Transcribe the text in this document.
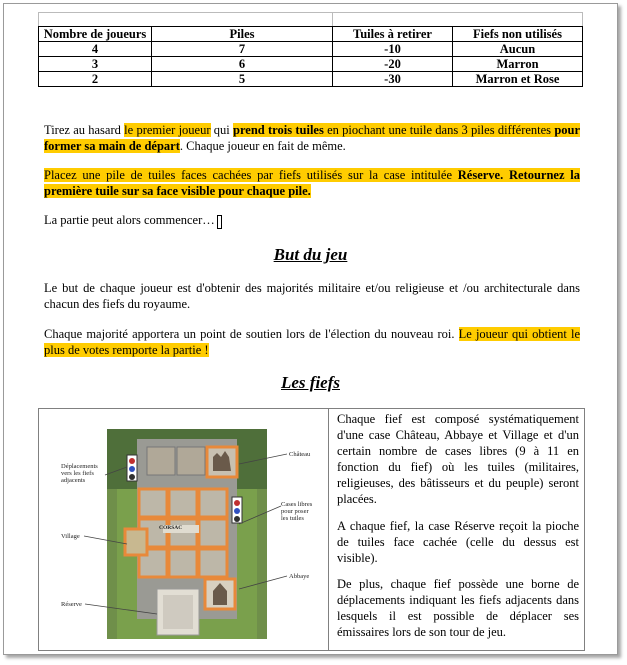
Nombre de joueurs	Piles	Tuiles à retirer	Fiefs non utilisés
4	7	-10	Aucun
3	6	-20	Marron
2	5	-30	Marron et Rose
Tirez au hasard le premier joueur qui prend trois tuiles en piochant une tuile dans 3 piles différentes pour former sa main de départ. Chaque joueur en fait de même.
Placez une pile de tuiles faces cachées par fiefs utilisés sur la case intitulée Réserve. Retournez la première tuile sur sa face visible pour chaque pile.
La partie peut alors commencer…
But du jeu
Le but de chaque joueur est d'obtenir des majorités militaire et/ou religieuse et /ou architecturale dans chacun des fiefs du royaume.
Chaque majorité apportera un point de soutien lors de l'élection du nouveau roi. Le joueur qui obtient le plus de votes remporte la partie !
Les fiefs
CORSAC
Château
Déplacements vers les fiefs adjacents
Cases libres pour poser les tuiles
Village
Abbaye
Réserve
Chaque fief est composé systématiquement d'une case Château, Abbaye et Village et d'un certain nombre de cases libres (9 à 11 en fonction du fief) où les tuiles (militaires, religieuses, des bâtisseurs et du peuple) seront placées.
A chaque fief, la case Réserve reçoit la pioche de tuiles face cachée (celle du dessus est visible).
De plus, chaque fief possède une borne de déplacements indiquant les fiefs adjacents dans lesquels il est possible de déplacer ses émissaires lors de son tour de jeu.
